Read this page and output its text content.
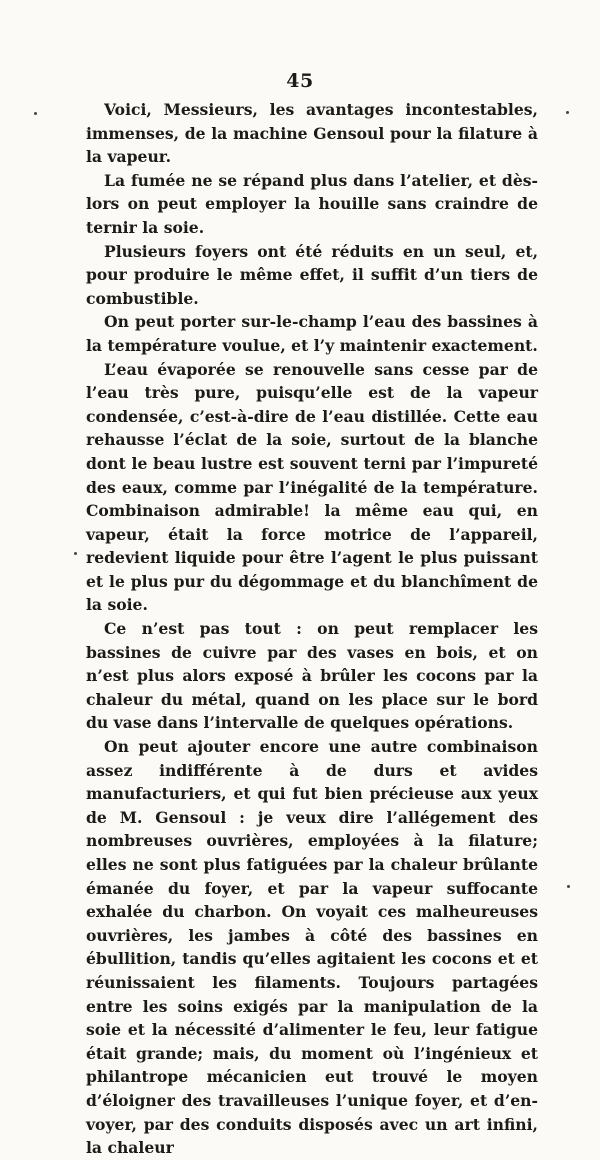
45

Voici, Messieurs, les avantages incontestables, immenses, de la machine Gensoul pour la filature à la vapeur.

La fumée ne se répand plus dans l’atelier, et dès-lors on peut employer la houille sans craindre de ternir la soie.

Plusieurs foyers ont été réduits en un seul, et, pour produire le même effet, il suffit d’un tiers de combustible.

On peut porter sur-le-champ l’eau des bassines à la température voulue, et l’y maintenir exactement.

L’eau évaporée se renouvelle sans cesse par de l’eau très pure, puisqu’elle est de la vapeur condensée, c’est-à-dire de l’eau distillée. Cette eau rehausse l’éclat de la soie, surtout de la blanche dont le beau lustre est souvent terni par l’impureté des eaux, comme par l’inégalité de la température. Combinaison admirable! la même eau qui, en vapeur, était la force motrice de l’appareil, redevient liquide pour être l’agent le plus puissant et le plus pur du dégommage et du blanchîment de la soie.

Ce n’est pas tout : on peut remplacer les bassines de cuivre par des vases en bois, et on n’est plus alors exposé à brûler les cocons par la chaleur du métal, quand on les place sur le bord du vase dans l’intervalle de quelques opérations.

On peut ajouter encore une autre combinaison assez indifférente à de durs et avides manufacturiers, et qui fut bien précieuse aux yeux de M. Gensoul : je veux dire l’allégement des nombreuses ouvrières, employées à la filature; elles ne sont plus fatiguées par la chaleur brûlante émanée du foyer, et par la vapeur suffocante exhalée du charbon. On voyait ces malheureuses ouvrières, les jambes à côté des bassines en ébullition, tandis qu’elles agitaient les cocons et et réunissaient les filaments. Toujours partagées entre les soins exigés par la manipulation de la soie et la nécessité d’alimenter le feu, leur fatigue était grande; mais, du moment où l’ingénieux et philantrope mécanicien eut trouvé le moyen d’éloigner des travailleuses l’unique foyer, et d’envoyer, par des conduits disposés avec un art infini, la chaleur
